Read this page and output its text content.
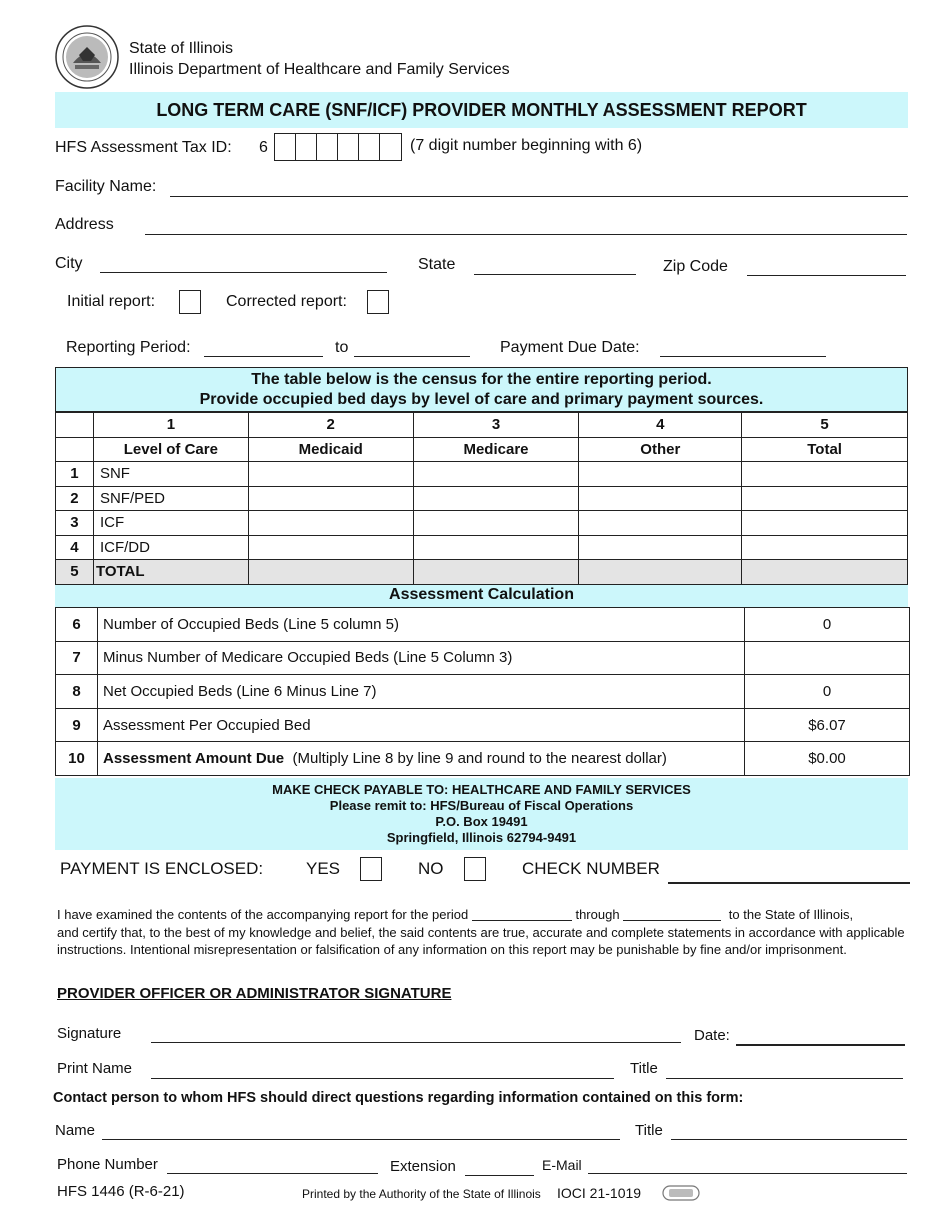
State of Illinois
Illinois Department of Healthcare and Family Services
LONG TERM CARE (SNF/ICF) PROVIDER MONTHLY ASSESSMENT REPORT
HFS Assessment Tax ID: 6	(7 digit number beginning with 6)
Facility Name:
Address
City	State	Zip Code
Initial report:	Corrected report:
Reporting Period:	to	Payment Due Date:
The table below is the census for the entire reporting period.
Provide occupied bed days by level of care and primary payment sources.
	1	2	3	4	5
	Level of Care	Medicaid	Medicare	Other	Total
1	SNF				
2	SNF/PED				
3	ICF				
4	ICF/DD				
5	TOTAL				
Assessment Calculation
6	Number of Occupied Beds (Line 5 column 5)	0
7	Minus Number of Medicare Occupied Beds (Line 5 Column 3)	
8	Net Occupied Beds (Line 6 Minus Line 7)	0
9	Assessment Per Occupied Bed	$6.07
10	Assessment Amount Due (Multiply Line 8 by line 9 and round to the nearest dollar)	$0.00
MAKE CHECK PAYABLE TO: HEALTHCARE AND FAMILY SERVICES
Please remit to: HFS/Bureau of Fiscal Operations
P.O. Box 19491
Springfield, Illinois 62794-9491
PAYMENT IS ENCLOSED:	YES	NO	CHECK NUMBER
I have examined the contents of the accompanying report for the period	through	to the State of Illinois,
and certify that, to the best of my knowledge and belief, the said contents are true, accurate and complete statements in accordance with applicable instructions. Intentional misrepresentation or falsification of any information on this report may be punishable by fine and/or imprisonment.
PROVIDER OFFICER OR ADMINISTRATOR SIGNATURE
Signature	Date:
Print Name	Title
Contact person to whom HFS should direct questions regarding information contained on this form:
Name	Title
Phone Number	Extension	E-Mail
HFS 1446 (R-6-21)	Printed by the Authority of the State of Illinois IOCI 21-1019
